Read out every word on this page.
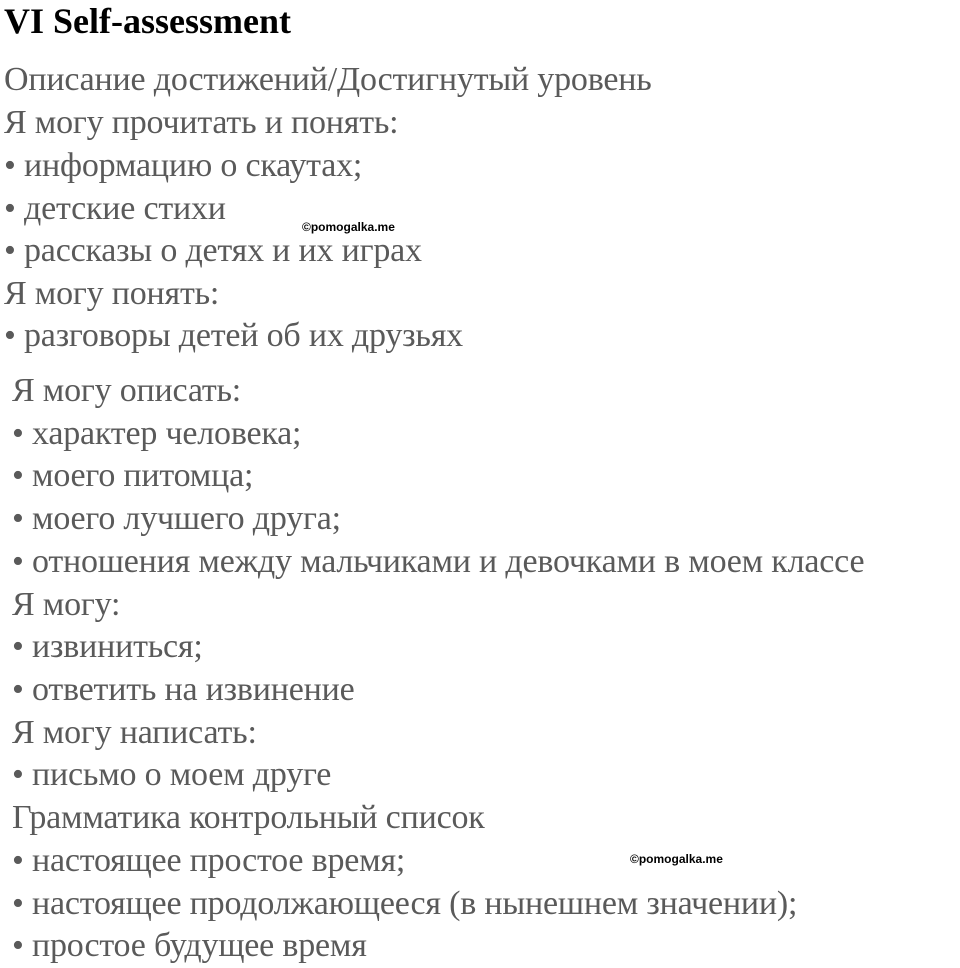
VI Self-assessment

Описание достижений/Достигнутый уровень

Я могу прочитать и понять:

• информацию о скаутах;

• детские стихи

• рассказы о детях и их играх

Я могу понять:

• разговоры детей об их друзьях

Я могу описать:

• характер человека;

• моего питомца;

• моего лучшего друга;

• отношения между мальчиками и девочками в моем классе

Я могу:

• извиниться;

• ответить на извинение

Я могу написать:

• письмо о моем друге

Грамматика контрольный список

• настоящее простое время;

• настоящее продолжающееся (в нынешнем значении);

• простое будущее время

©pomogalka.me
©pomogalka.me
